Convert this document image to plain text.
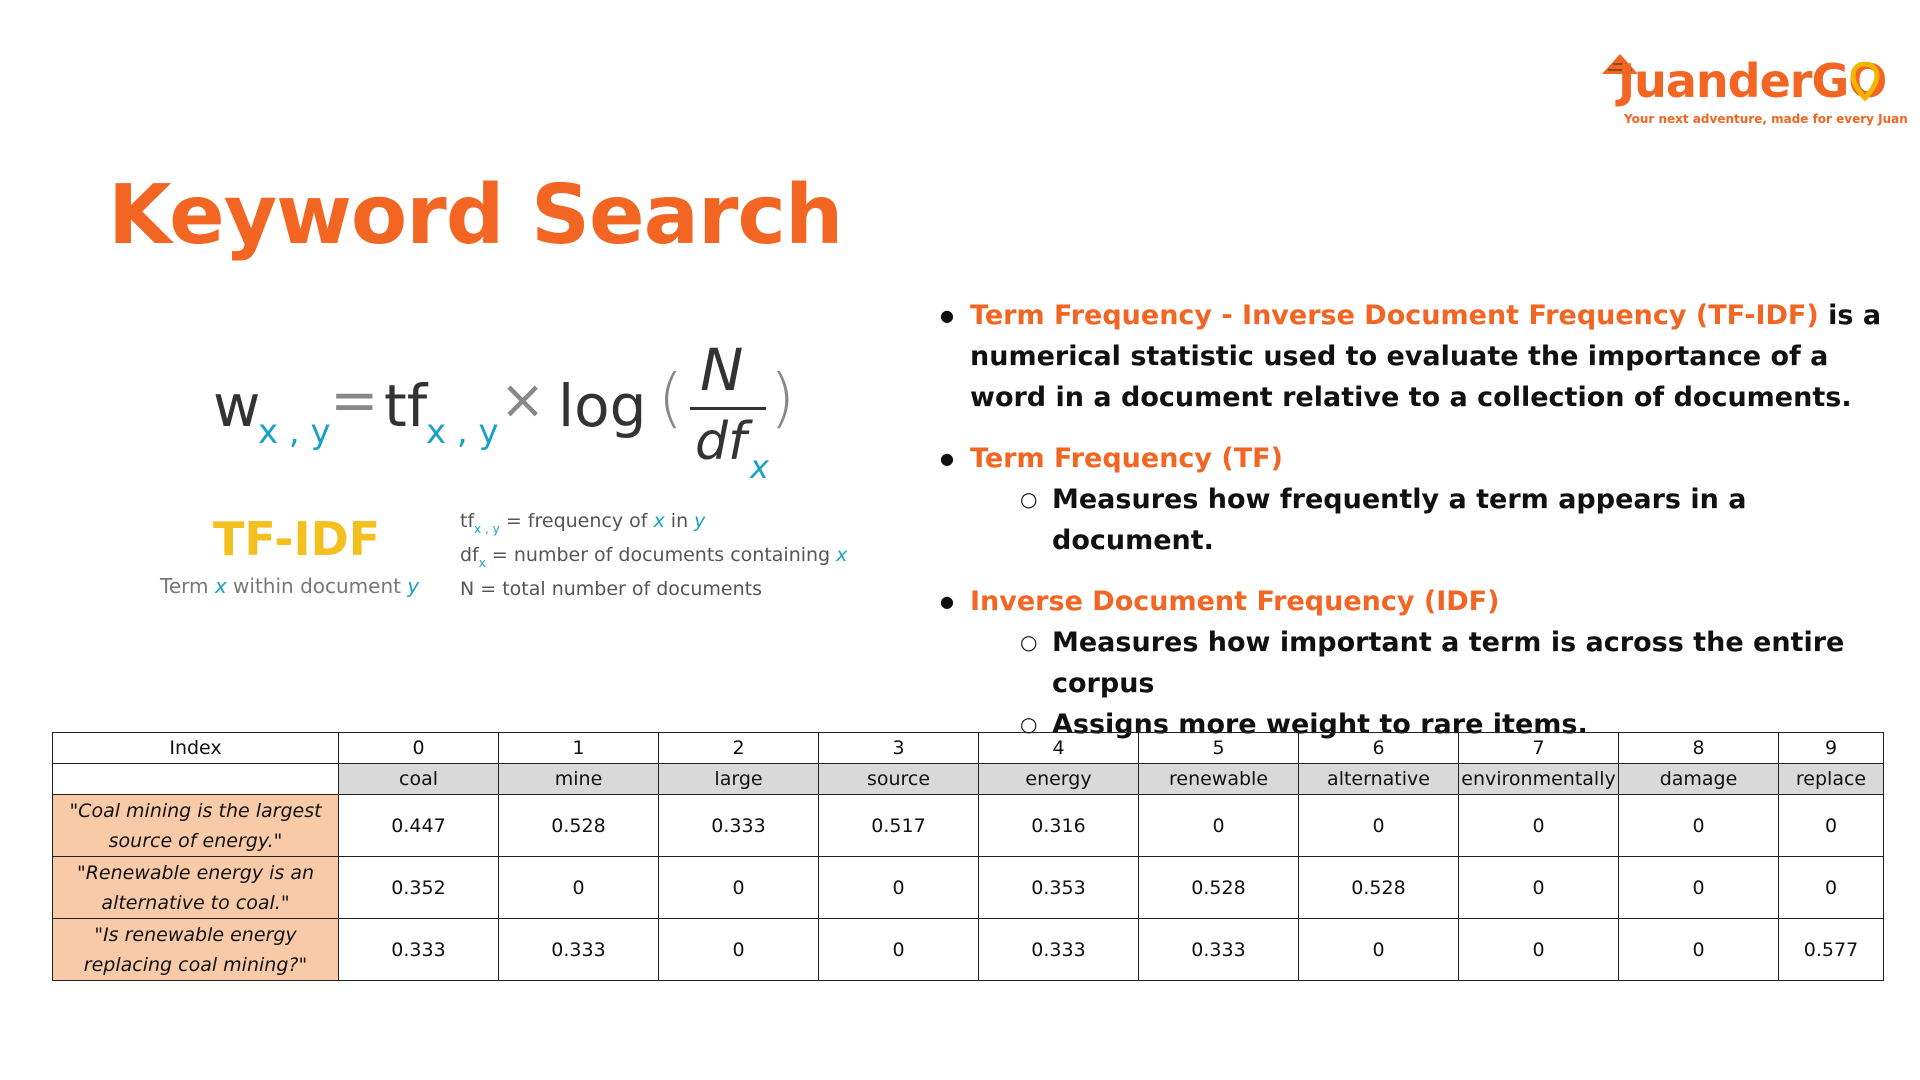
JuanderGO
Your next adventure, made for every Juan
Keyword Search
w
x , y = tf
x , y
× log ( N
df x
)
TF-IDF
Term x within document y
$tf_{x , y}$ = frequency of x in y
$df_x$ = number of documents containing x
N = total number of documents
● Term Frequency - Inverse Document Frequency (TF-IDF) is a numerical statistic used to evaluate the importance of a word in a document relative to a collection of documents.
● Term Frequency (TF)
○ Measures how frequently a term appears in a document.
● Inverse Document Frequency (IDF)
○ Measures how important a term is across the entire corpus
○ Assigns more weight to rare items.
Index	0	1	2	3	4	5	6	7	8	9
	coal	mine	large	source	energy	renewable	alternative	environmentally	damage	replace
"Coal mining is the largest source of energy."	0.447	0.528	0.333	0.517	0.316	0	0	0	0	0
"Renewable energy is an alternative to coal."	0.352	0	0	0	0.353	0.528	0.528	0	0	0
"Is renewable energy replacing coal mining?"	0.333	0.333	0	0	0.333	0.333	0	0	0	0.577
